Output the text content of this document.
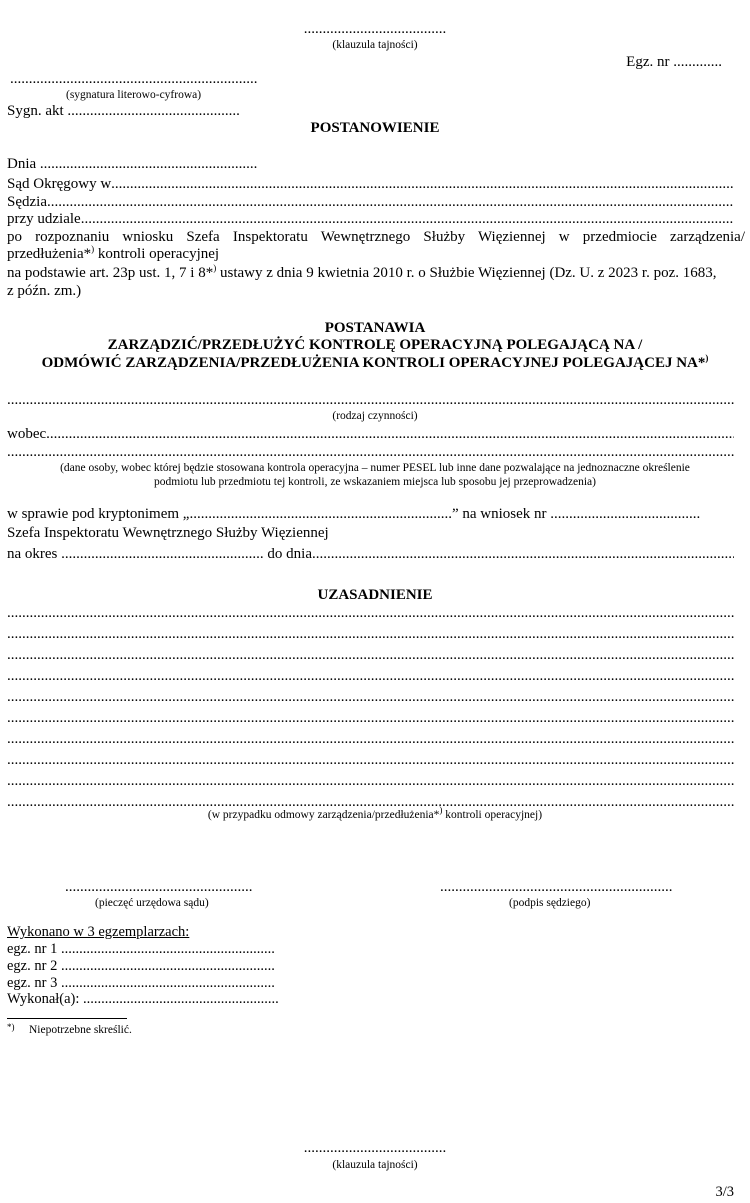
......................................
(klauzula tajności)
Egz. nr .............
..................................................................
(sygnatura literowo-cyfrowa)
Sygn. akt ..............................................
POSTANOWIENIE
Dnia ..........................................................
Sąd Okręgowy w
.....
Sędzia
.....
przy udziale
.....
po rozpoznaniu wniosku Szefa Inspektoratu Wewnętrznego Służby Więziennej w przedmiocie zarządzenia/
przedłużenia*) kontroli operacyjnej
na podstawie art. 23p ust. 1, 7 i 8*) ustawy z dnia 9 kwietnia 2010 r. o Służbie Więziennej (Dz. U. z 2023 r. poz. 1683,
z późn. zm.)
POSTANAWIA
ZARZĄDZIĆ/PRZEDŁUŻYĆ KONTROLĘ OPERACYJNĄ POLEGAJĄCĄ NA /
ODMÓWIĆ ZARZĄDZENIA/PRZEDŁUŻENIA KONTROLI OPERACYJNEJ POLEGAJĄCEJ NA*)
.....
(rodzaj czynności)
wobec
.....
.....
(dane osoby, wobec której będzie stosowana kontrola operacyjna – numer PESEL lub inne dane pozwalające na jednoznaczne określenie
podmiotu lub przedmiotu tej kontroli, ze wskazaniem miejsca lub sposobu jej przeprowadzenia)
w sprawie pod kryptonimem „......................................................................” na wniosek nr ........................................
Szefa Inspektoratu Wewnętrznego Służby Więziennej
na okres ...................................................... do dnia
.....
UZASADNIENIE
.....
.....
.....
.....
.....
.....
.....
.....
.....
.....
(w przypadku odmowy zarządzenia/przedłużenia*) kontroli operacyjnej)
..................................................
(pieczęć urzędowa sądu)
..............................................................
(podpis sędziego)
Wykonano w 3 egzemplarzach:
egz. nr 1 ...........................................................
egz. nr 2 ...........................................................
egz. nr 3 ...........................................................
Wykonał(a): ......................................................
*) Niepotrzebne skreślić.
......................................
(klauzula tajności)
3/3
